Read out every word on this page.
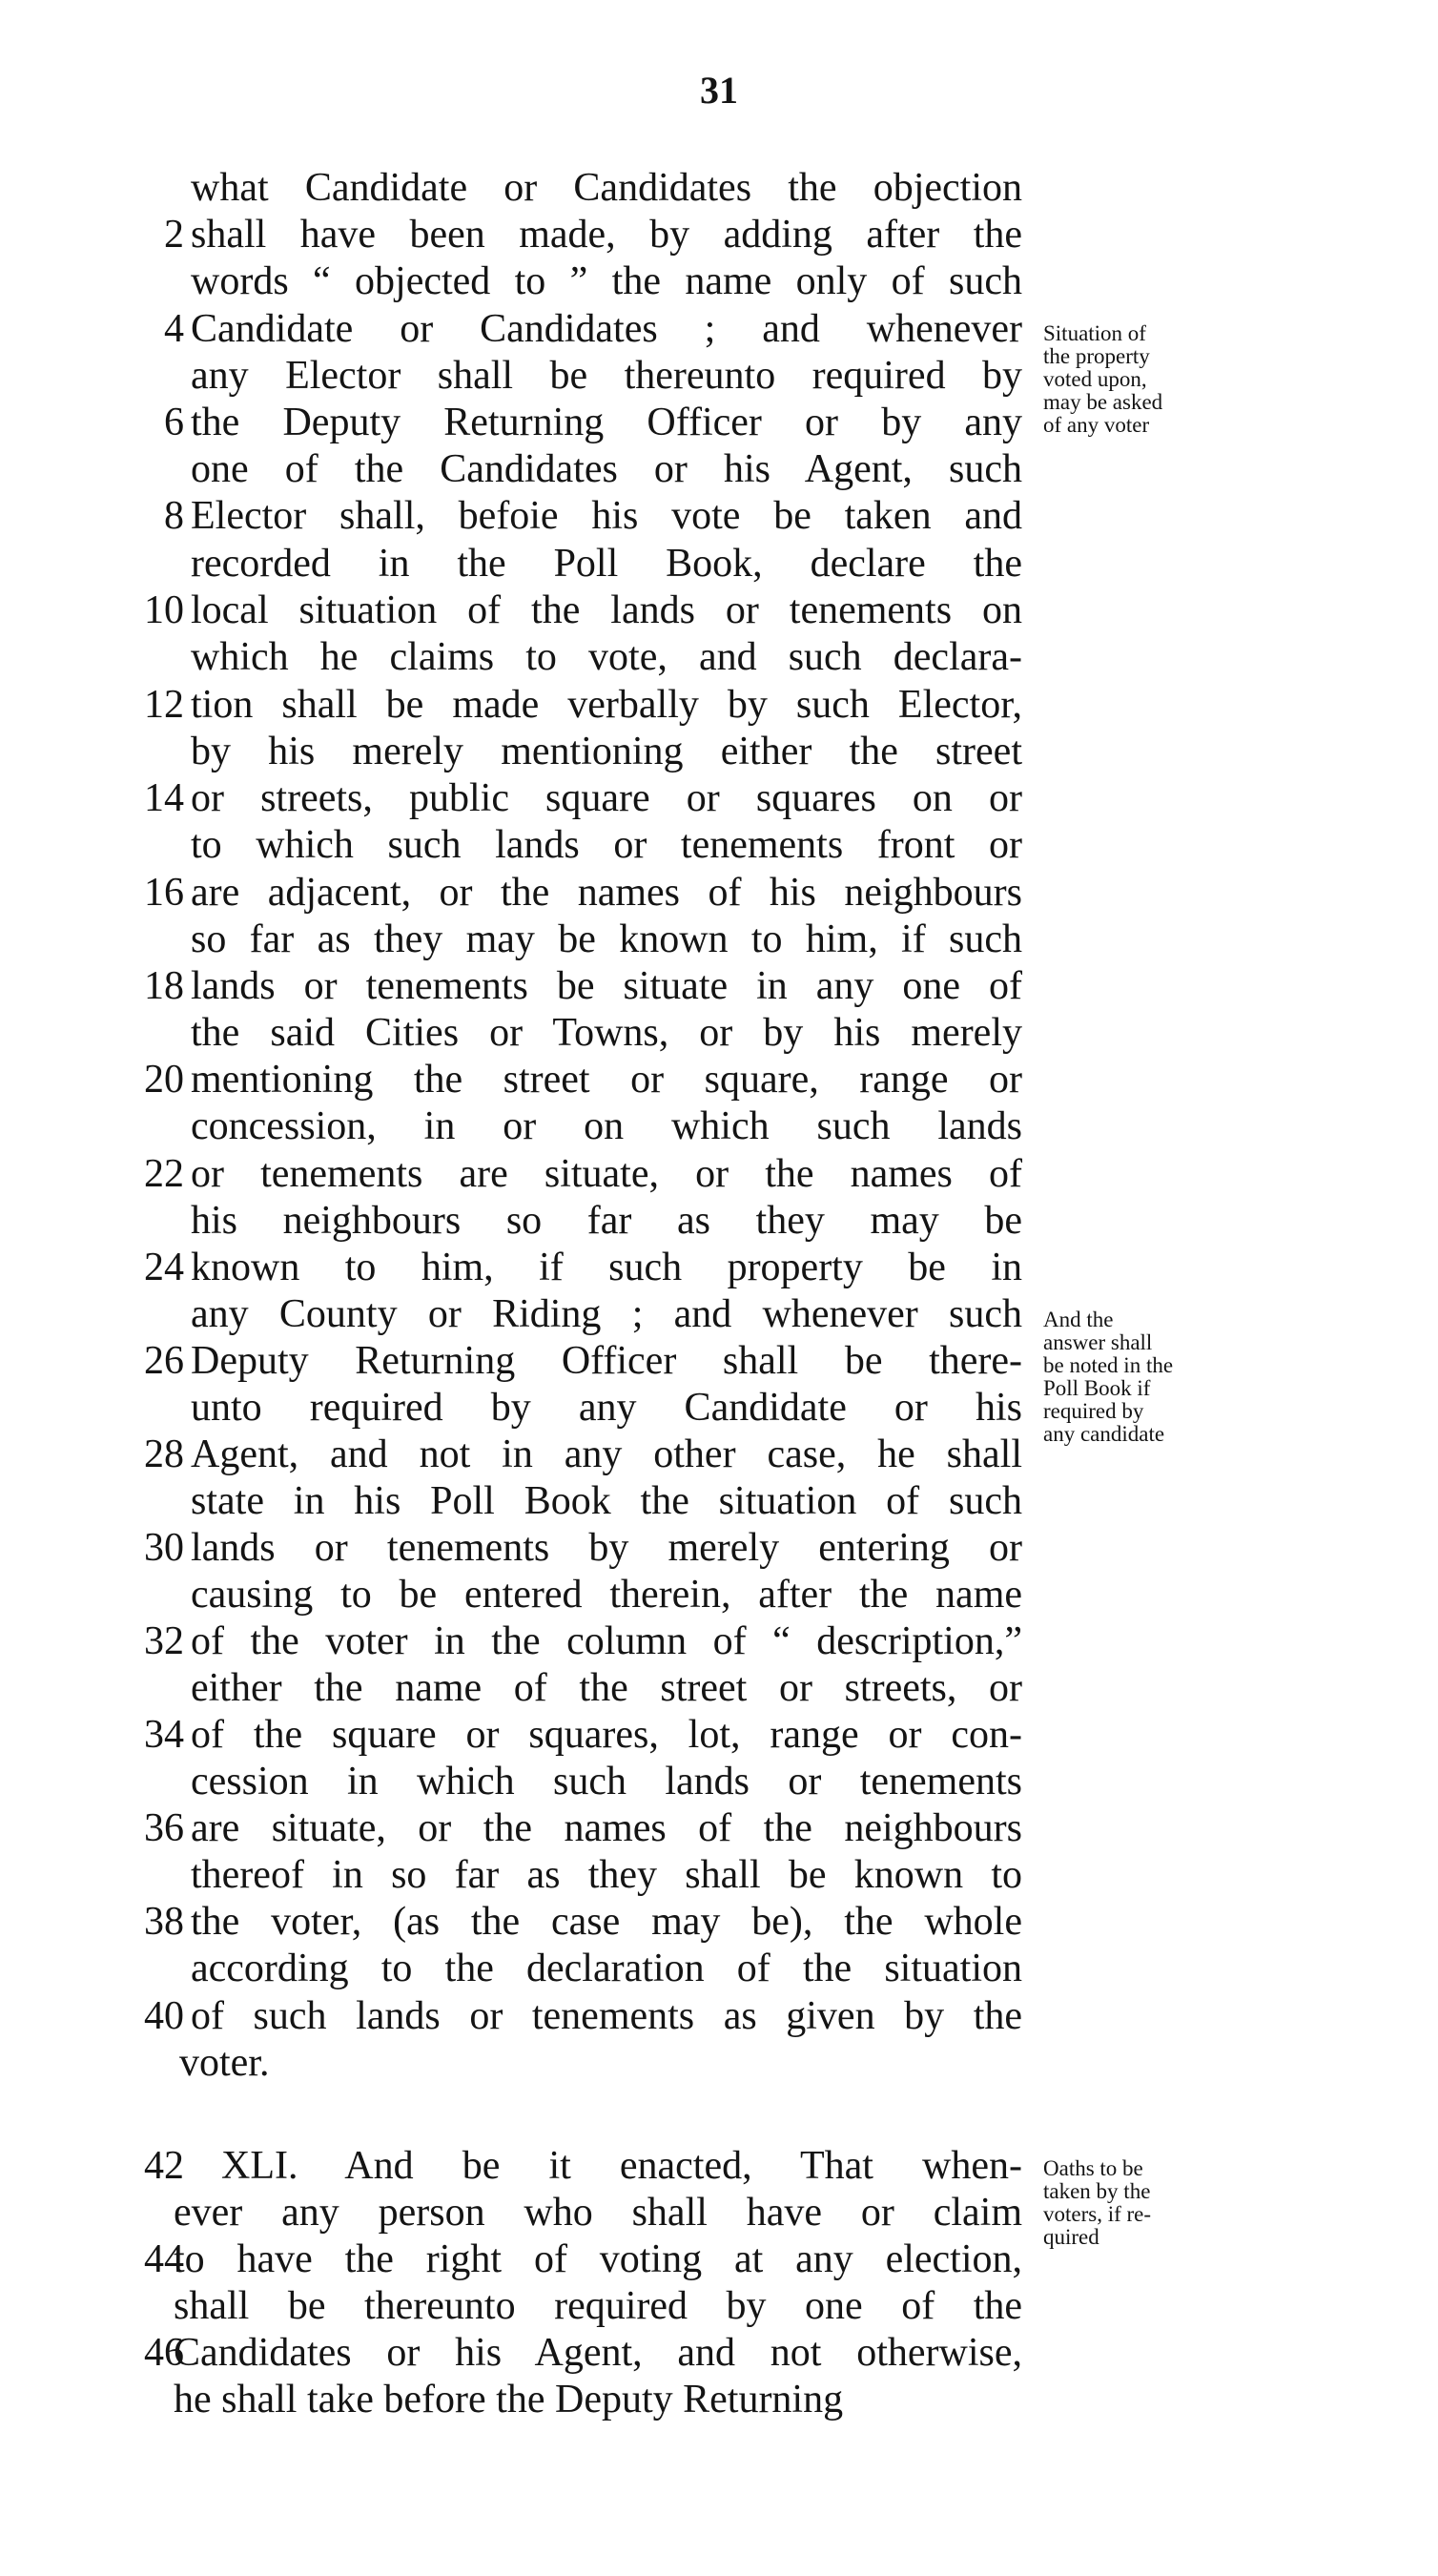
31
what Candidate or Candidates the objection
2 shall have been made, by adding after the
words “ objected to ” the name only of such
4 Candidate or Candidates ; and whenever
any Elector shall be thereunto required by
6 the Deputy Returning Officer or by any
one of the Candidates or his Agent, such
8 Elector shall, befoie his vote be taken and
recorded in the Poll Book, declare the
10 local situation of the lands or tenements on
which he claims to vote, and such declara-
12 tion shall be made verbally by such Elector,
by his merely mentioning either the street
14 or streets, public square or squares on or
to which such lands or tenements front or
16 are adjacent, or the names of his neighbours
so far as they may be known to him, if such
18 lands or tenements be situate in any one of
the said Cities or Towns, or by his merely
20 mentioning the street or square, range or
concession, in or on which such lands
22 or tenements are situate, or the names of
his neighbours so far as they may be
24 known to him, if such property be in
any County or Riding ; and whenever such
26 Deputy Returning Officer shall be there-
unto required by any Candidate or his
28 Agent, and not in any other case, he shall
state in his Poll Book the situation of such
30 lands or tenements by merely entering or
causing to be entered therein, after the name
32 of the voter in the column of “ description,”
either the name of the street or streets, or
34 of the square or squares, lot, range or con-
cession in which such lands or tenements
36 are situate, or the names of the neighbours
thereof in so far as they shall be known to
38 the voter, (as the case may be), the whole
according to the declaration of the situation
40 of such lands or tenements as given by the
voter.
42 XLI. And be it enacted, That when-
ever any person who shall have or claim
44
to have the right of voting at any election,
shall be thereunto required by one of the
46
Candidates or his Agent, and not otherwise,
he shall take before the Deputy Returning
Situation of
the property
voted upon,
may be asked
of any voter
And the
answer shall
be noted in the
Poll Book if
required by
any candidate
Oaths to be
taken by the
voters, if re-
quired
